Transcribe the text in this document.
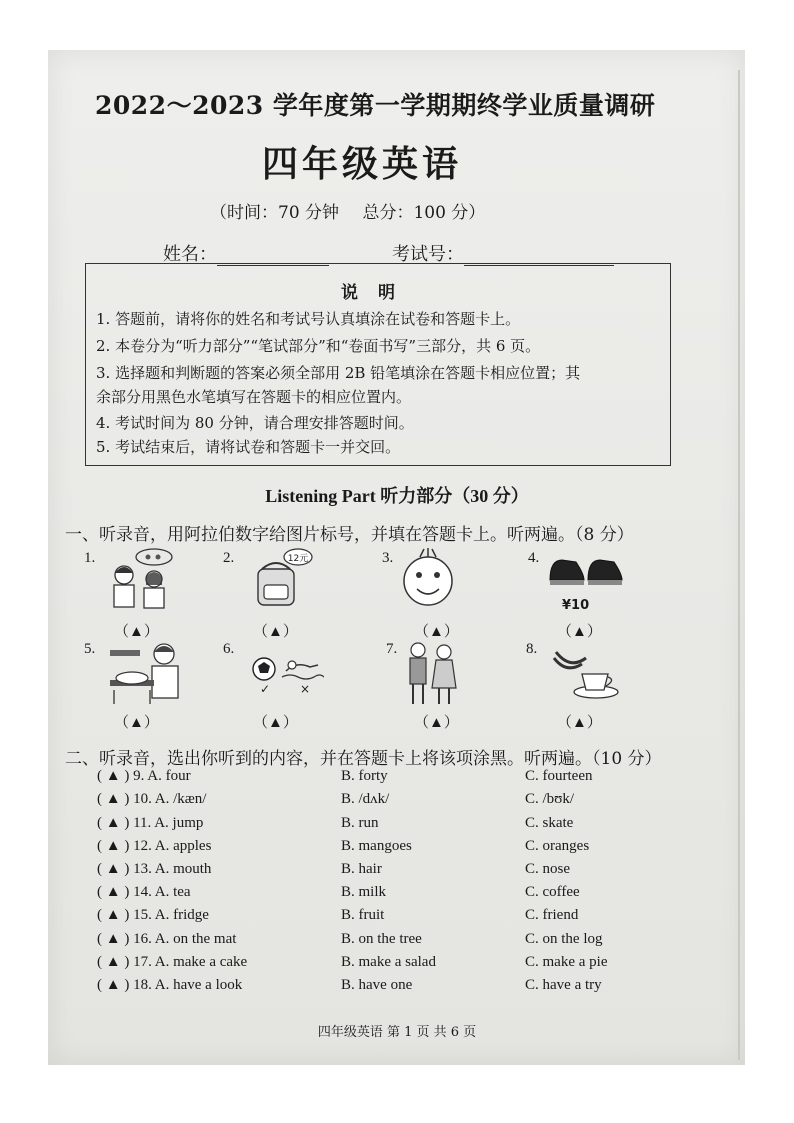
2022～2023 学年度第一学期期终学业质量调研
四年级英语
（时间：70 分钟 总分：100 分）
姓名：	考试号：
说明
1. 答题前，请将你的姓名和考试号认真填涂在试卷和答题卡上。
2. 本卷分为“听力部分”“笔试部分”和“卷面书写”三部分，共 6 页。
3. 选择题和判断题的答案必须全部用 2B 铅笔填涂在答题卡相应位置；其
余部分用黑色水笔填写在答题卡的相应位置内。
4. 考试时间为 80 分钟，请合理安排答题时间。
5. 考试结束后，请将试卷和答题卡一并交回。
Listening Part 听力部分（30 分）
一、听录音，用阿拉伯数字给图片标号，并填在答题卡上。听两遍。（8 分）
1.
（▲）
2.	12元
（▲）
3.
（▲）
4.
¥10
（▲）
5.
（▲）
6.
✓ ×
（▲）
7.
（▲）
8.
（▲）
二、听录音，选出你听到的内容，并在答题卡上将该项涂黑。听两遍。（10 分）
( ▲ ) 9. A. four	B. forty	C. fourteen
( ▲ ) 10. A. /kæn/	B. /dʌk/	C. /bʊk/
( ▲ ) 11. A. jump	B. run	C. skate
( ▲ ) 12. A. apples	B. mangoes	C. oranges
( ▲ ) 13. A. mouth	B. hair	C. nose
( ▲ ) 14. A. tea	B. milk	C. coffee
( ▲ ) 15. A. fridge	B. fruit	C. friend
( ▲ ) 16. A. on the mat	B. on the tree	C. on the log
( ▲ ) 17. A. make a cake	B. make a salad	C. make a pie
( ▲ ) 18. A. have a look	B. have one	C. have a try
四年级英语 第 1 页 共 6 页
